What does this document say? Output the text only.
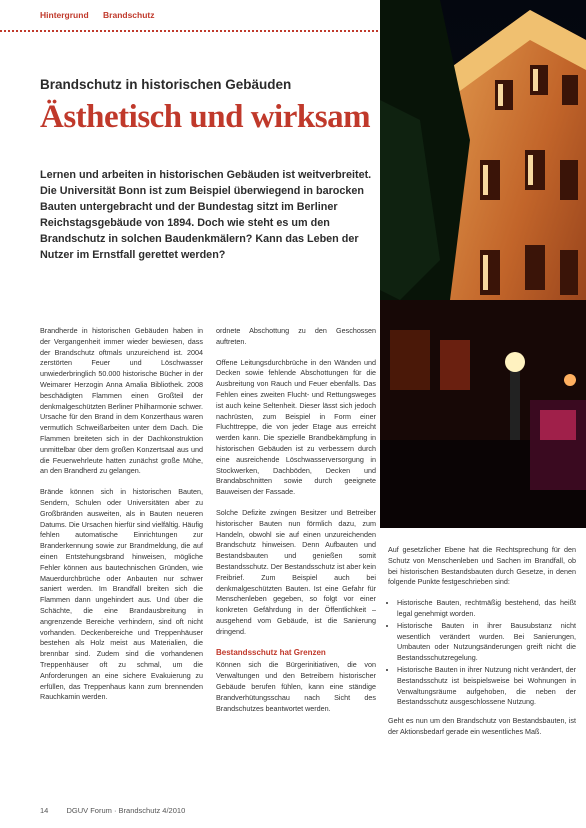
Hintergrund Brandschutz
Brandschutz in historischen Gebäuden
Ästhetisch und wirksam
Lernen und arbeiten in historischen Gebäuden ist weitverbreitet. Die Universität Bonn ist zum Beispiel überwiegend in barocken Bauten untergebracht und der Bundestag sitzt im Berliner Reichstagsgebäude von 1894. Doch wie steht es um den Brandschutz in solchen Baudenkmälern? Kann das Leben der Nutzer im Ernstfall gerettet werden?

Brandherde in historischen Gebäuden haben in der Vergangenheit immer wieder bewiesen, dass der Brandschutz oftmals unzureichend ist. 2004 zerstörten Feuer und Löschwasser unwiederbringlich 50.000 historische Bücher in der Weimarer Herzogin Anna Amalia Bibliothek. 2008 beschädigten Flammen einen Großteil der denkmalgeschützten Berliner Philharmonie schwer. Ursache für den Brand in dem Konzerthaus waren vermutlich Schweißarbeiten unter dem Dach. Die Flammen breiteten sich in der Dachkonstruktion unmittelbar über dem großen Konzertsaal aus und die Feuerwehrleute hatten zunächst große Mühe, an den Brandherd zu gelangen.

Brände können sich in historischen Bauten, Sendern, Schulen oder Universitäten aber zu Großbränden ausweiten, als in Bauten neueren Datums. Die Ursachen hierfür sind vielfältig. Häufig fehlen automatische Einrichtungen zur Branderkennung sowie zur Brandmeldung, die auf einen Entstehungsbrand hinweisen, mögliche Fehler können aus bautechnischen Gründen, wie Mauerdurchbrüche oder Anbauten nur schwer saniert werden. Im Brandfall breiten sich die Flammen dann ungehindert aus. Und über die Schächte, die eine Brandausbreitung in angrenzende Bereiche verhindern, sind oft nicht vorhanden. Deckenbereiche und Treppenhäuser bestehen als Holz meist aus Materialien, die brennbar sind. Zudem sind die vorhandenen Treppenhäuser oft zu schmal, um die Anforderungen an eine sichere Evakuierung zu erfüllen, das Treppenhaus kann zum brennenden Rauchkamin werden.

ordnete Abschottung zu den Geschossen auftreten.

Offene Leitungsdurchbrüche in den Wänden und Decken sowie fehlende Abschottungen für die Ausbreitung von Rauch und Feuer ebenfalls. Das Fehlen eines zweiten Flucht- und Rettungsweges ist auch keine Seltenheit. Dieser lässt sich jedoch nachrüsten, zum Beispiel in Form einer Fluchttreppe, die von jeder Etage aus erreicht werden kann. Die spezielle Brandbekämpfung in historischen Gebäuden ist zu verbessern durch eine ausreichende Löschwasserversorgung in Stockwerken, Dachböden, Decken und Brandabschnitten sowie durch geeignete Bauweisen der Fassade.

Solche Defizite zwingen Besitzer und Betreiber historischer Bauten nun förmlich dazu, zum Handeln, obwohl sie auf einen unzureichenden Brandschutz hinweisen. Denn Aufbauten und Bestandsbauten und genießen somit Bestandsschutz. Der Bestandsschutz ist aber kein Freibrief. Zum Beispiel auch bei denkmalgeschützten Bauten. Ist eine Gefahr für Menschenleben gegeben, so folgt vor einer konkreten Gefährdung in der Öffentlichkeit – ausgehend vom Gebäude, ist die Sanierung dringend.

Bestandsschutz hat Grenzen

Können sich die Bürgerinitiativen, die von Verwaltungen und den Betreibern historischer Gebäude berufen fühlen, kann eine ständige Brandverhütungsschau nach Sicht des Brandschutzes beantwortet werden.

Auf gesetzlicher Ebene hat die Rechtsprechung für den Schutz von Menschenleben und Sachen im Brandfall, ob bei historischen Bestandsbauten durch Gesetze, in denen folgende Punkte festgeschrieben sind:

• Historische Bauten, rechtmäßig bestehend, das heißt legal genehmigt worden.
• Historische Bauten in ihrer Bausubstanz nicht wesentlich verändert wurden. Bei Sanierungen, Umbauten oder Nutzungsänderungen greift nicht die Bestandsschutzregelung.
• Historische Bauten in ihrer Nutzung nicht verändert, der Bestandsschutz ist beispielsweise bei Wohnungen in Verwaltungsräume aufgehoben, die neben der Bestandsschutz ausgeschlossene Nutzung.

Geht es nun um den Brandschutz von Bestandsbauten, ist der Aktionsbedarf gerade ein wesentliches Maß.

14 DGUV Forum · Brandschutz 4/2010
